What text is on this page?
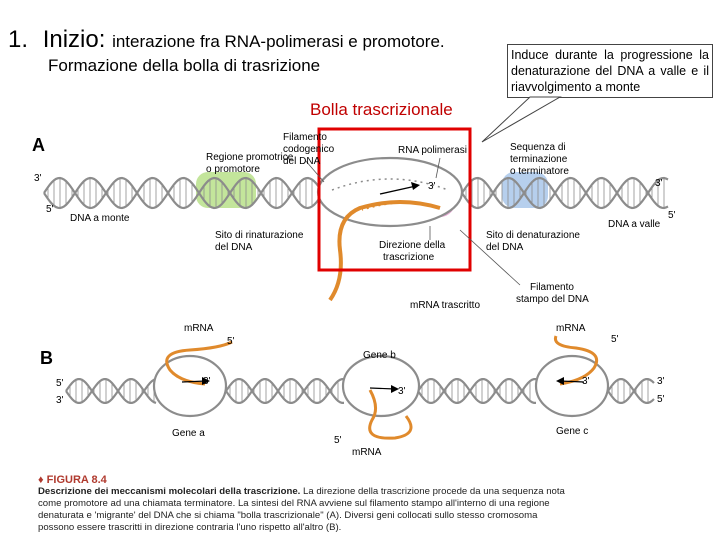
1. Inizio: interazione fra RNA-polimerasi e promotore.
Formazione della bolla di trasrizione
Induce durante la progressione la denaturazione del DNA a valle e il riavvolgimento a monte
Bolla trascrizionale
A
Regione promotrice
o promotore
Filamento
codogenico
del DNA
RNA polimerasi	Sequenza di
terminazione
o terminatore
DNA a monte
DNA a valle
Sito di rinaturazione
del DNA	Direzione della
trascrizione
Sito di denaturazione
del DNA
Filamento
stampo del DNA
mRNA trascritto
3'
5'
3'
5'
3'
B
mRNA	mRNA
mRNA
Gene b
Gene a	Gene c
5'
3'
3'
5'
5'
3'
3'
5'
3'
5'
♦ FIGURA 8.4
Descrizione dei meccanismi molecolari della trascrizione. La direzione della trascrizione procede da una sequenza nota come promotore ad una chiamata terminatore. La sintesi del RNA avviene sul filamento stampo all'interno di una regione denaturata e 'migrante' del DNA che si chiama "bolla trascrizionale" (A). Diversi geni collocati sullo stesso cromosoma possono essere trascritti in direzione contraria l'uno rispetto all'altro (B).
